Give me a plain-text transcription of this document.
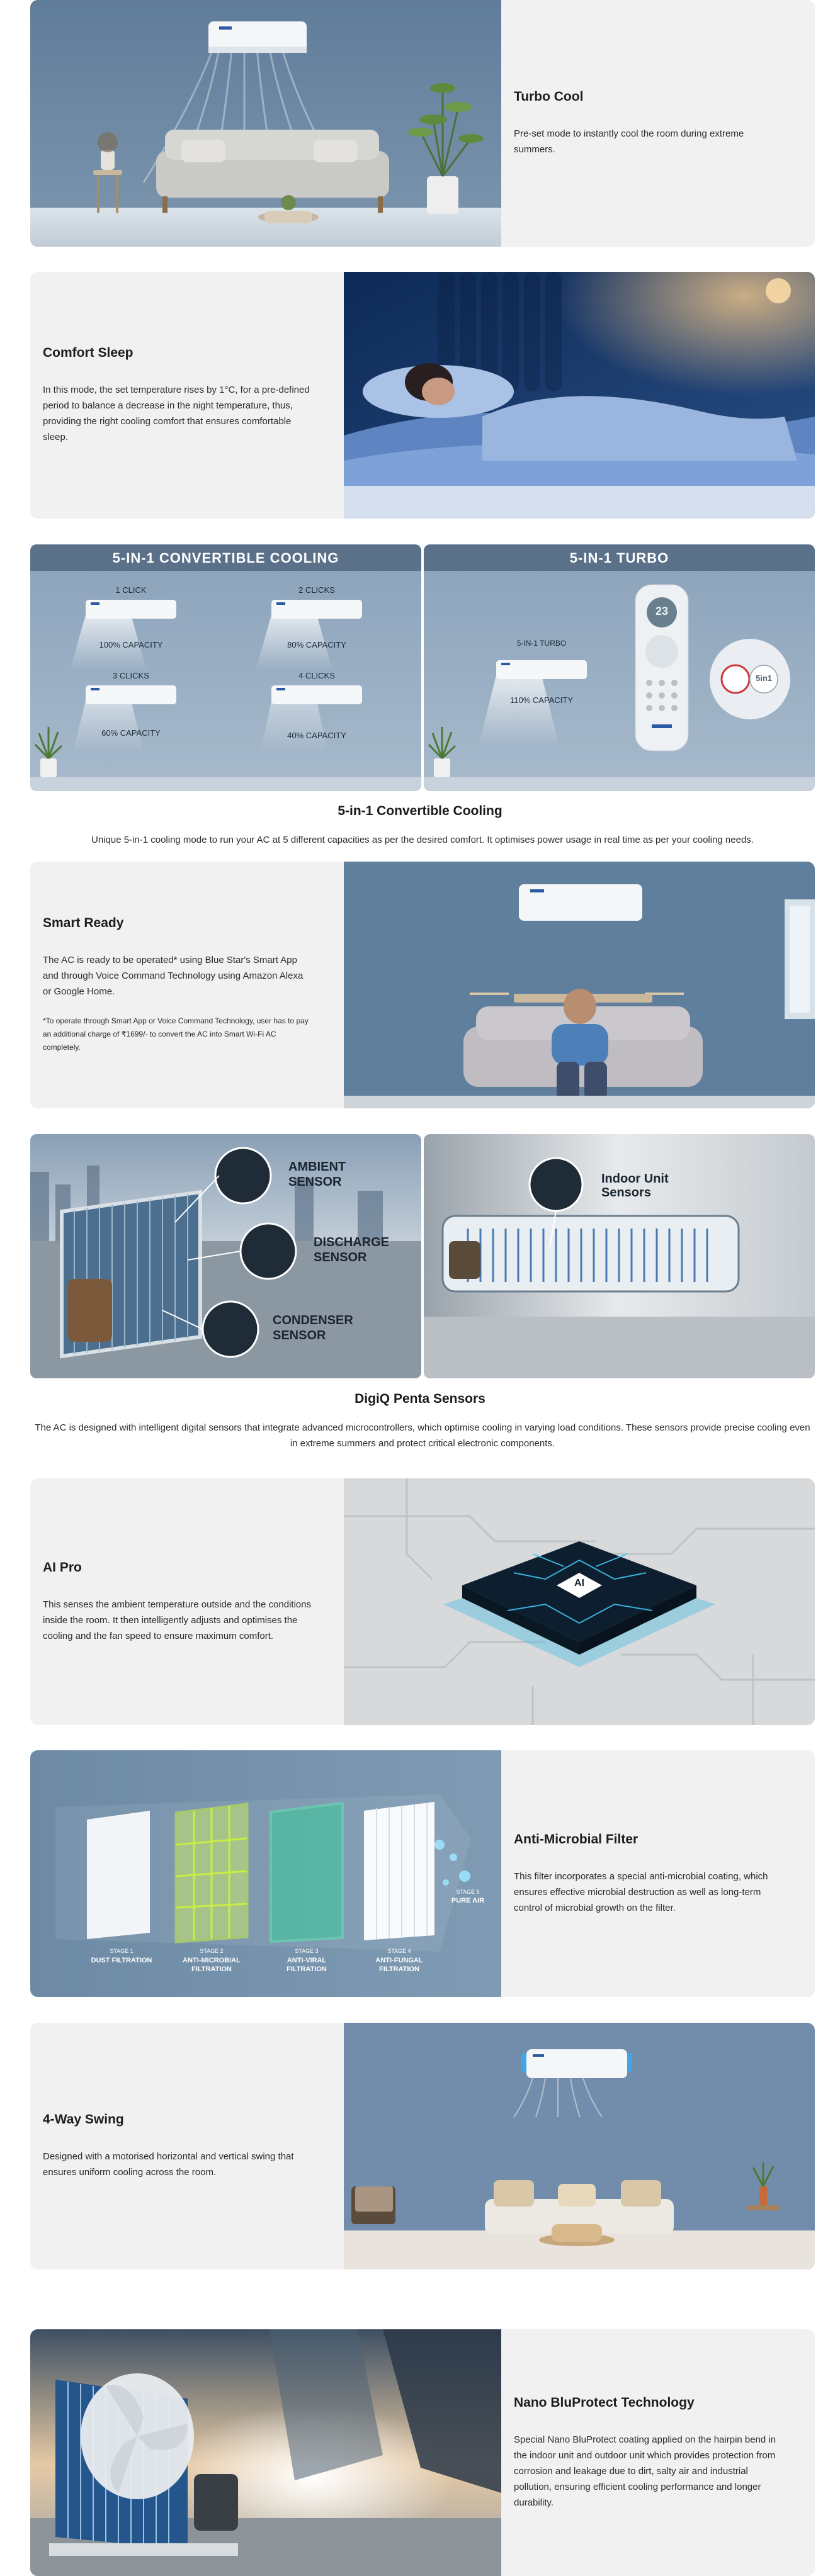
Turbo Cool

Pre-set mode to instantly cool the room during extreme summers.

Comfort Sleep

In this mode, the set temperature rises by 1°C, for a pre-defined period to balance a decrease in the night temperature, thus, providing the right cooling comfort that ensures comfortable sleep.

5-IN-1 CONVERTIBLE COOLING
1 CLICK
100% CAPACITY
2 CLICKS
80% CAPACITY
3 CLICKS
60% CAPACITY
4 CLICKS
40% CAPACITY
5-IN-1 TURBO
5-IN-1 TURBO
110% CAPACITY
23
5in1
5-in-1 Convertible Cooling
Unique 5-in-1 cooling mode to run your AC at 5 different capacities as per the desired comfort. It optimises power usage in real time as per your cooling needs.
Smart Ready

The AC is ready to be operated* using Blue Star's Smart App and through Voice Command Technology using Amazon Alexa or Google Home.

*To operate through Smart App or Voice Command Technology, user has to pay an additional charge of ₹1699/- to convert the AC into Smart Wi-Fi AC completely.

AMBIENT SENSOR
DISCHARGE SENSOR
CONDENSER SENSOR
Indoor Unit Sensors
DigiQ Penta Sensors
The AC is designed with intelligent digital sensors that integrate advanced microcontrollers, which optimise cooling in varying load conditions. These sensors provide precise cooling even in extreme summers and protect critical electronic components.
AI Pro

This senses the ambient temperature outside and the conditions inside the room. It then intelligently adjusts and optimises the cooling and the fan speed to ensure maximum comfort.

AI
STAGE 1
DUST FILTRATION
STAGE 2
ANTI-MICROBIAL FILTRATION
STAGE 3
ANTI-VIRAL FILTRATION
STAGE 4
ANTI-FUNGAL FILTRATION
STAGE 5
PURE AIR
Anti-Microbial Filter

This filter incorporates a special anti-microbial coating, which ensures effective microbial destruction as well as long-term control of microbial growth on the filter.

4-Way Swing

Designed with a motorised horizontal and vertical swing that ensures uniform cooling across the room.

Nano BluProtect Technology

Special Nano BluProtect coating applied on the hairpin bend in the indoor unit and outdoor unit which provides protection from corrosion and leakage due to dirt, salty air and industrial pollution, ensuring efficient cooling performance and longer durability.
